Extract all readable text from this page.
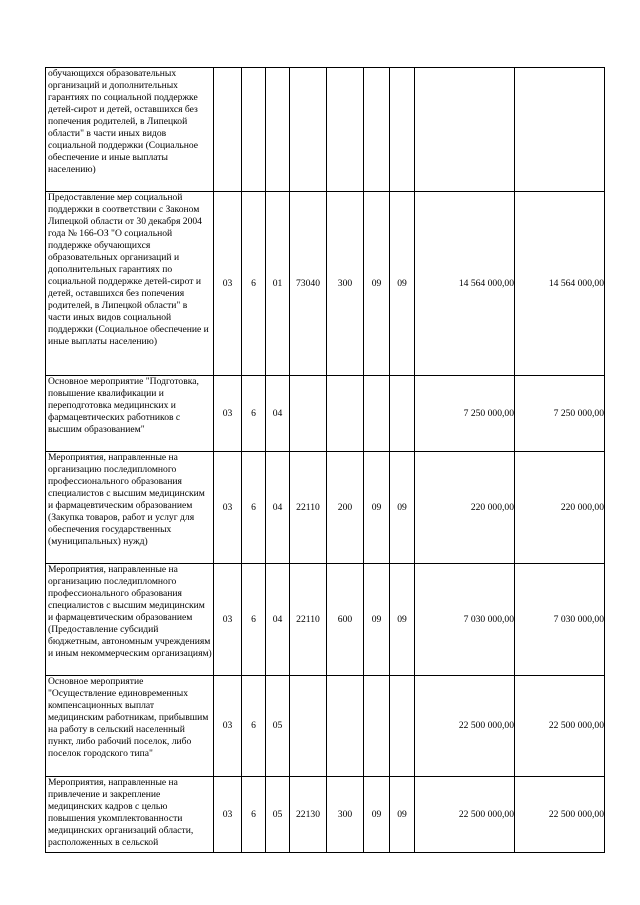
обучающихся образовательных организаций и дополнительных гарантиях по социальной поддержке детей-сирот и детей, оставшихся без попечения родителей, в Липецкой области" в части иных видов социальной поддержки (Социальное обеспечение и иные выплаты населению)									
Предоставление мер социальной поддержки в соответствии с Законом Липецкой области от 30 декабря 2004 года № 166-ОЗ "О социальной поддержке обучающихся образовательных организаций и дополнительных гарантиях по социальной поддержке детей-сирот и детей, оставшихся без попечения родителей, в Липецкой области" в части иных видов социальной поддержки (Социальное обеспечение и иные выплаты населению)	03	6	01	73040	300	09	09	14 564 000,00	14 564 000,00
Основное мероприятие "Подготовка, повышение квалификации и переподготовка медицинских и фармацевтических работников с высшим образованием"	03	6	04					7 250 000,00	7 250 000,00
Мероприятия, направленные на организацию последипломного профессионального образования специалистов с высшим медицинским и фармацевтическим образованием (Закупка товаров, работ и услуг для обеспечения государственных (муниципальных) нужд)	03	6	04	22110	200	09	09	220 000,00	220 000,00
Мероприятия, направленные на организацию последипломного профессионального образования специалистов с высшим медицинским и фармацевтическим образованием (Предоставление субсидий бюджетным, автономным учреждениям и иным некоммерческим организациям)	03	6	04	22110	600	09	09	7 030 000,00	7 030 000,00
Основное мероприятие "Осуществление единовременных компенсационных выплат медицинским работникам, прибывшим на работу в сельский населенный пункт, либо рабочий поселок, либо поселок городского типа"	03	6	05					22 500 000,00	22 500 000,00
Мероприятия, направленные на привлечение и закрепление медицинских кадров с целью повышения укомплектованности медицинских организаций области, расположенных в сельской	03	6	05	22130	300	09	09	22 500 000,00	22 500 000,00
